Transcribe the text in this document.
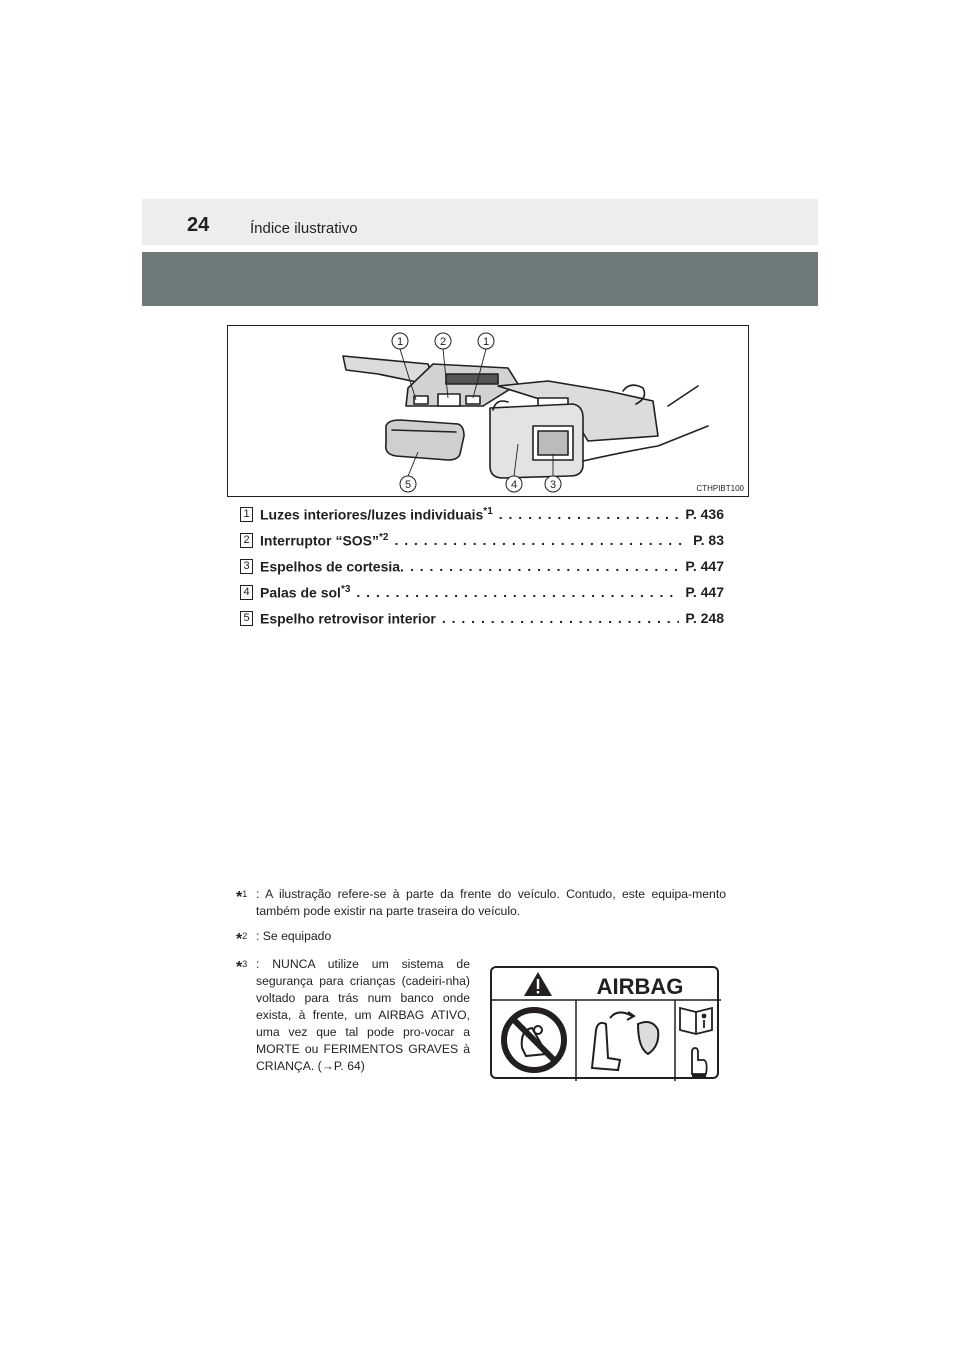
24	Índice ilustrativo
1	2	1
5	4	3	CTHPIBT100
1 Luzes interiores/luzes individuais$^{*1}$ . . .	P. 436
2 Interruptor “SOS”$^{*2}$ . . .	P. 83
3 Espelhos de cortesia. . . .	P. 447
4 Palas de sol$^{*3}$ . . .	P. 447
5 Espelho retrovisor interior . . .	P. 248
*$^1$ : A ilustração refere-se à parte da frente do veículo. Contudo, este equipa-mento também pode existir na parte traseira do veículo.
*$^2$ : Se equipado
*$^3$ : NUNCA utilize um sistema de segurança para crianças (cadeiri-nha) voltado para trás num banco onde exista, à frente, um AIRBAG ATIVO, uma vez que tal pode pro-vocar a MORTE ou FERIMENTOS GRAVES à CRIANÇA. (→P. 64)
AIRBAG
